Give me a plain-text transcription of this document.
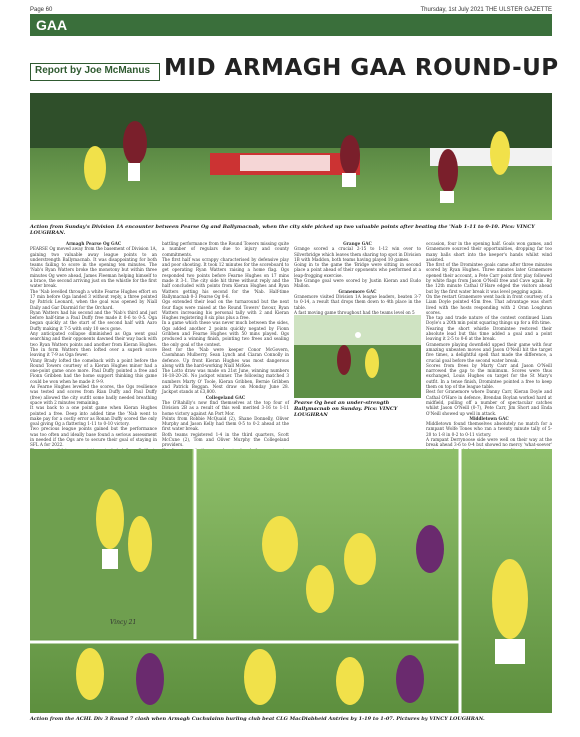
Page 60	Thursday, 1st July 2021 THE ULSTER GAZETTE
GAA
Report by Joe McManus MID ARMAGH GAA ROUND-UP
Action from Sunday's Division 1A encounter between Pearse Og and Ballymacnab, when the city side picked up two valuable points after beating the 'Nab 1-11 to 0-10. Pics: VINCY LOUGHRAN.
Armagh Pearse Og GAC

PEARSE Og moved away from the basement of Division 1A, gaining two valuable away league points to an understrength Ballymacnab. It was disappointing for both teams failing to score in the opening ten minutes. The 'Nab's Ryan Watters broke the monotony but within three minutes Og were ahead, James Fleeman helping himself to a brace, the second arriving just on the whistle for the first water break.

The 'Nab levelled through a white Fearne Hughes effort on 17 min before Oga landed 3 without reply, a three pointed by Patrick Leonard, when the goal was opened by Niall Daily and Gar Diarmid for the Orchard.

Ryan Watters had his second and the 'Nab's third and just before half-time a Paul Duffy free made it 0-6 to 0-5. Oga began quickly at the start of the second half with Aaro Duffy making it 7-5 with only 10 secs gone.

Any anticipated collapse diminished as Oga went goal searching and their opponents dawned their way back with two Ryan Watters points and another from Kieran Hughes. The in form Watters then lofted over a superb score leaving it 7-9 as Oga fewer.

Vinny Brady lofted the comeback with a point before the Round Towers courtesy of a Kieran Hughes minor had a one-point game once more. Paul Duffy pointed a free and Fionn Gribben had the home support thinking this game could be won when he made it 9-9.

As Fearne Hughes levelled the scores, the Ogs resilience was tested and scores from Rian Duffy and Paul Duffy (free) allowed the city outfit some badly needed breathing space with 2 minutes remaining.

It was back to a one point game when Kieran Hughes pointed a free. Deep into added time the 'Nab went to make pay for a costly error as Ronan Duffy scored the only goal giving Og a flattering 1-11 to 0-10 victory.

Two precious league points gained but the performance was too often and ideally base found a serious assessment in needed if the Ogs are to secure their goal of staying in SFL A for 2022.

battling performance from the Round Towers missing quite a number of regulars due to injury and county commitments.

The first half was scrappy characterised by defensive play and poor shooting. It took 12 minutes for the scoreboard to get operating Ryan Watters raising a home flag. Ogs responded two points before Fearne Hughes on 17 mins made it 3-1. The city side hit three without reply and the half concluded with points from Kieran Hughes and Ryan Watters getting his second for the 'Nab. Half-time Ballymacnab 0-3 Pearse Og 0-6.

Ogs extended their lead on the turnaround but the next four flags were raised at the Round Towers' favour, Ryan Watters increasing his personal tally with 2 and Kieran Hughes registering 8 six plus plus a free.

In a game which these was never much between the sides, Ogs added another 2 points quickly negated by Fionn Gribben and Fearne Hughes with 50 mins played. Ogs produced a winning finish, pointing two frees and sealing the only goal of the contest.

Best for the 'Nab were keeper Conor McGovern, Caomhnan Mulberry, Sean Lynch and Ciaran Connolly in defence. Up front Kieran Hughes was most dangerous along with the hard-working Niall McKee.

The Lotto draw was made on 21st June, winning numbers 16-18-20-26. No jackpot winner. The following matched 3 numbers Marty O' Toole, Kieran Gribben, Bernie Gribben and Patrick Boggan. Next draw on Monday June 28. Jackpot stands at £3,800.

Collegeland GAC

The O'Rahilly's now find themselves at the top four of Division 2B as a result of this well merited 3-16 to 1-11 home victory against An Port Mor.

Points from Robbie McQuaid (2), Shane Donnelly, Oliver Murphy and Jason Kelly had them 0-5 to 0-2 ahead at the first water break.

Both teams registered 1-4 in the third quarters, Scott McCune (2), Tom and Oliver Murphy the Collegeland providers.

Grange GAC

Grange scored a crucial 2-15 to 1-12 win over to Silverbridge which leaves them sharing top spot in Division 1B with Maddon, both teams having played 10 games.

Going in to the game the 'Bridge were sitting in second place a point ahead of their opponents who performed at a leap-frogging exercise.

The Grange goal were scored by Justin Kieran and Eudo Mallon.

Granemore GAC

Granemore visited Division 1A league leaders, beaten 3-7 to 0-14, a result that drops them down to 4th place in the table.

A fast moving game throughout had the teams level on 5

Pearse Og beat an under-strength Ballymacnab on Sunday. Pics: VINCY LOUGHRAN

occasion, four in the opening half. Goals won games, and Granemore sourced their opportunities, dropping far too many balls short into the keeper's hands whilst wind assisted.

The first of the Dromintee goals came after three minutes scored by Ryan Hughes. Three minutes later Granemore opened their account, a Pete Carr point first play followed by white flags from Jason O'Neill free and Cave again. By the 12th minute Cathal O'Hare edged the visitors ahead but by the first water break it was level pegging again.

On the restart Granemore went back in front courtesy of a Liam Doyle pointed 45m free. That advantage was short lived with the hosts responding with 2 Oran Loughran scores.

The tap and trade nature of the contest continued Liam Doyle's a 20th min point squaring things up for a 6th time.

Nearing the short whistle Dromintee restored their absolute lead but this time added a goal and a point leaving it 2-5 to 0-6 at the break.

Granemore playing downfield upped their game with four amazing unbeaten moves and Jason O'Neill hit the target five times, a delightful spell that made the difference, a crucial goal before the second water break.

Scores from frees by Marty Carr and Jason O'Neill narrowed the gap to the minimum. Scores were thus exchanged, Louis Hughes on target for the St Mary's outfit. In a tense finish, Dromintee pointed a free to keep them on top of the league table.

Best for Granemore where Danny Carr, Kieran Doyle and Cathal O'Hare in defence, Brendan Boylan worked hard at midfield, pulling off a number of spectacular catches whilst Jason O'Neill (0-7), Pete Carr, Jim Short and Enda O'Neill showed up well in attack.

Middletown GAC

Middletown found themselves absolutely no match for a rampant Wolfe Tones who ran a twenty minute tally of 5-20 to 1-8 in 0-2 to 0-11 victory.

A rampant Derrynoose side were well on their way at the break ahead 3-6 to 0-4 but showed no mercy 'what-soever'

Vincy 21
Action from the ACHL Div 3 Round 7 clash when Armagh Cuchulainn hurling club beat CLG MacDiabheid Antries by 1-19 to 1-07. Pictures by VINCY LOUGHRAN.
